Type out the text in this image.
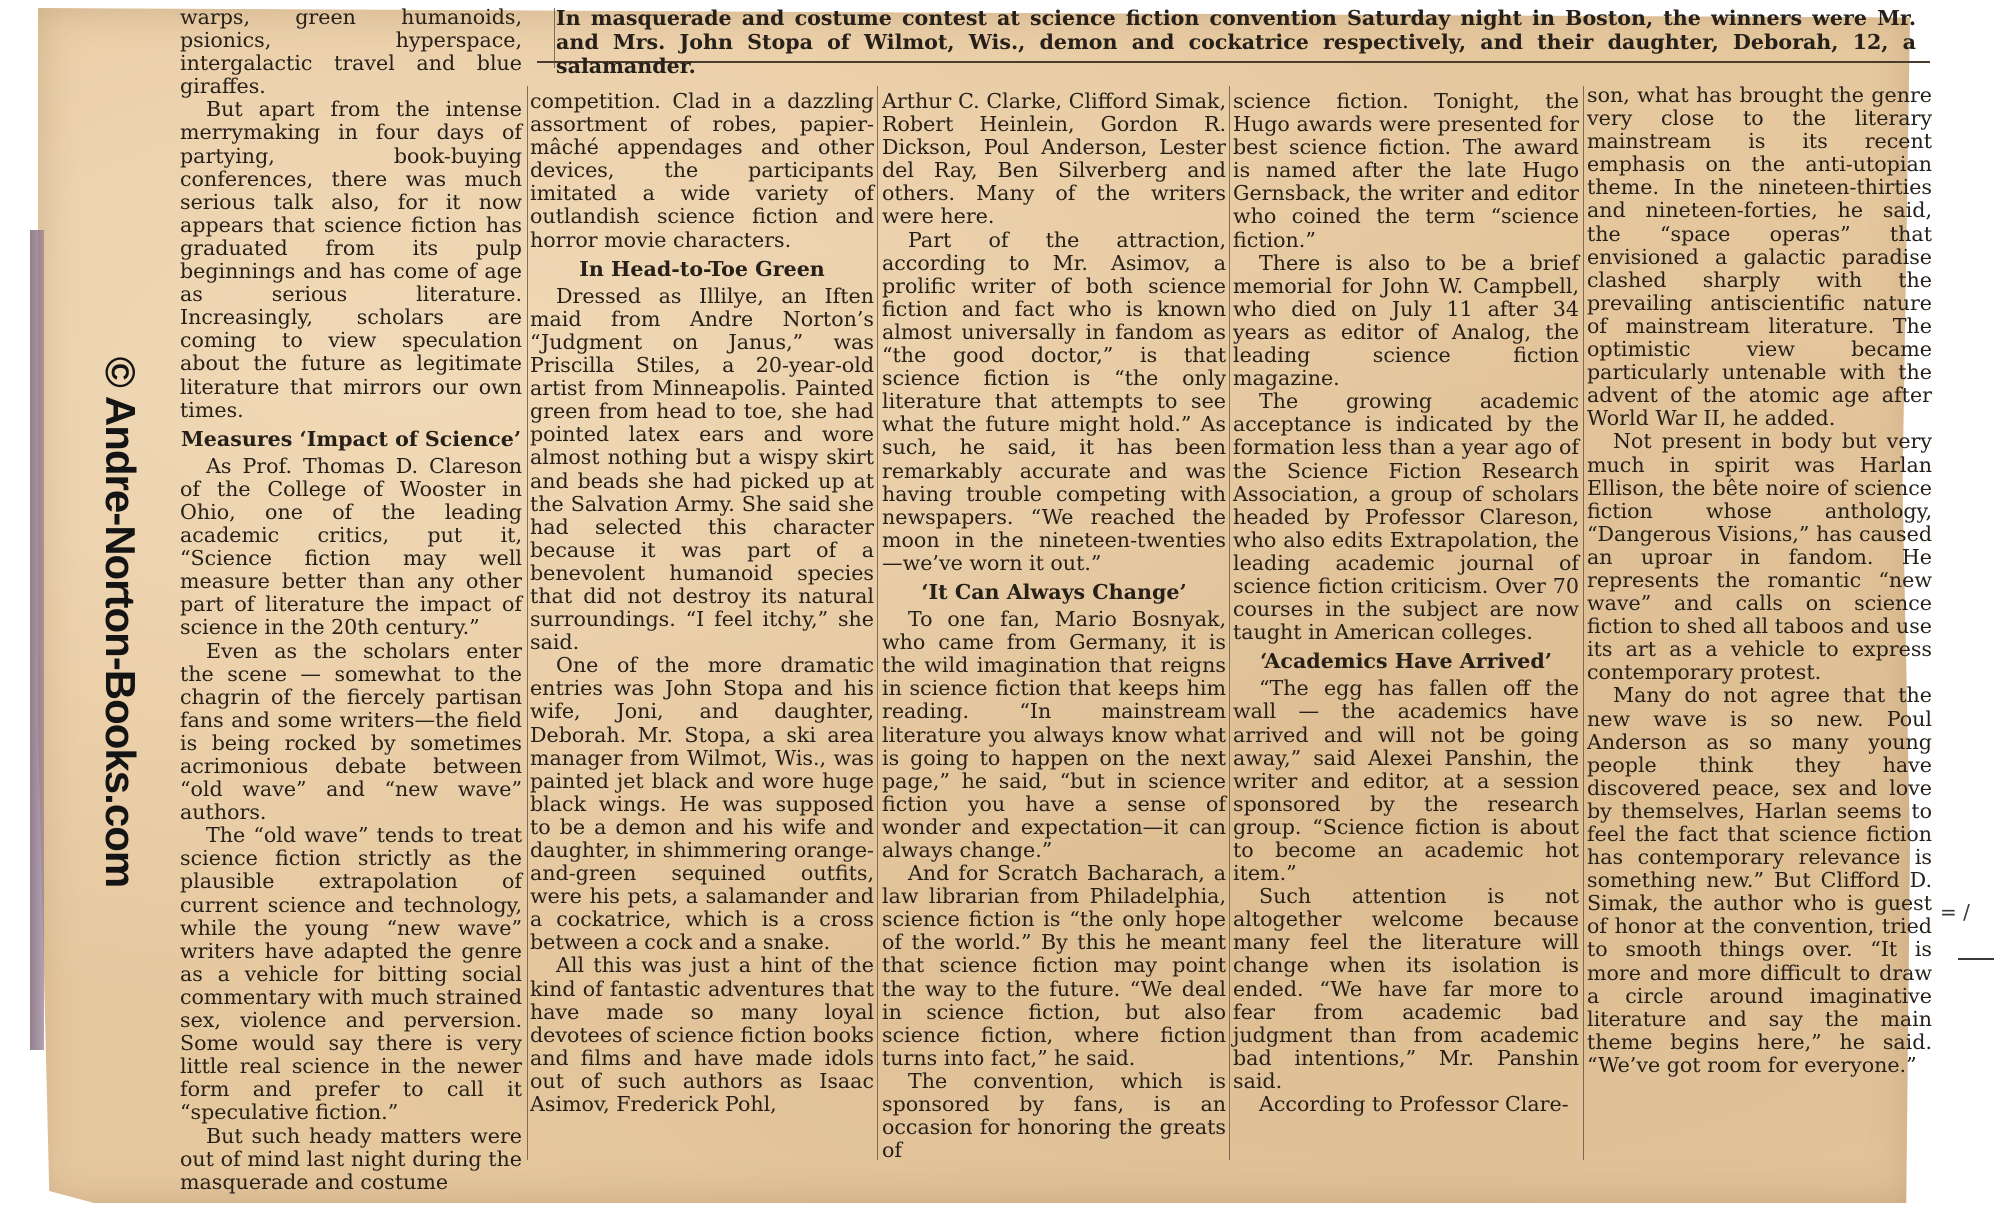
In masquerade and costume contest at science fiction convention Saturday night in Boston, the winners were Mr. and Mrs. John Stopa of Wilmot, Wis., demon and cockatrice respectively, and their daughter, Deborah, 12, a salamander.
© Andre-Norton-Books.com

warps, green humanoids, psionics, hyperspace, intergalactic travel and blue giraffes.

But apart from the intense merrymaking in four days of partying, book-buying conferences, there was much serious talk also, for it now appears that science fiction has graduated from its pulp beginnings and has come of age as serious literature. Increasingly, scholars are coming to view speculation about the future as legitimate literature that mirrors our own times.

Measures ‘Impact of Science’

As Prof. Thomas D. Clareson of the College of Wooster in Ohio, one of the leading academic critics, put it, “Science fiction may well measure better than any other part of literature the impact of science in the 20th century.”

Even as the scholars enter the scene — somewhat to the chagrin of the fiercely partisan fans and some writers—the field is being rocked by sometimes acrimonious debate between “old wave” and “new wave” authors.

The “old wave” tends to treat science fiction strictly as the plausible extrapolation of current science and technology, while the young “new wave” writers have adapted the genre as a vehicle for bitting social commentary with much strained sex, violence and perversion. Some would say there is very little real science in the newer form and prefer to call it “speculative fiction.”

But such heady matters were out of mind last night during the masquerade and costume

competition. Clad in a dazzling assortment of robes, papier-mâché appendages and other devices, the participants imitated a wide variety of outlandish science fiction and horror movie characters.

In Head-to-Toe Green

Dressed as Illilye, an Iften maid from Andre Norton’s “Judgment on Janus,” was Priscilla Stiles, a 20-year-old artist from Minneapolis. Painted green from head to toe, she had pointed latex ears and wore almost nothing but a wispy skirt and beads she had picked up at the Salvation Army. She said she had selected this character because it was part of a benevolent humanoid species that did not destroy its natural surroundings. “I feel itchy,” she said.

One of the more dramatic entries was John Stopa and his wife, Joni, and daughter, Deborah. Mr. Stopa, a ski area manager from Wilmot, Wis., was painted jet black and wore huge black wings. He was supposed to be a demon and his wife and daughter, in shimmering orange-and-green sequined outfits, were his pets, a salamander and a cockatrice, which is a cross between a cock and a snake.

All this was just a hint of the kind of fantastic adventures that have made so many loyal devotees of science fiction books and films and have made idols out of such authors as Isaac Asimov, Frederick Pohl,

Arthur C. Clarke, Clifford Simak, Robert Heinlein, Gordon R. Dickson, Poul Anderson, Lester del Ray, Ben Silverberg and others. Many of the writers were here.

Part of the attraction, according to Mr. Asimov, a prolific writer of both science fiction and fact who is known almost universally in fandom as “the good doctor,” is that science fiction is “the only literature that attempts to see what the future might hold.” As such, he said, it has been remarkably accurate and was having trouble competing with newspapers. “We reached the moon in the nineteen-twenties —we’ve worn it out.”

‘It Can Always Change’

To one fan, Mario Bosnyak, who came from Germany, it is the wild imagination that reigns in science fiction that keeps him reading. “In mainstream literature you always know what is going to happen on the next page,” he said, “but in science fiction you have a sense of wonder and expectation—it can always change.”

And for Scratch Bacharach, a law librarian from Philadelphia, science fiction is “the only hope of the world.” By this he meant that science fiction may point the way to the future. “We deal in science fiction, but also science fiction, where fiction turns into fact,” he said.

The convention, which is sponsored by fans, is an occasion for honoring the greats of

science fiction. Tonight, the Hugo awards were presented for best science fiction. The award is named after the late Hugo Gernsback, the writer and editor who coined the term “science fiction.”

There is also to be a brief memorial for John W. Campbell, who died on July 11 after 34 years as editor of Analog, the leading science fiction magazine.

The growing academic acceptance is indicated by the formation less than a year ago of the Science Fiction Research Association, a group of scholars headed by Professor Clareson, who also edits Extrapolation, the leading academic journal of science fiction criticism. Over 70 courses in the subject are now taught in American colleges.

‘Academics Have Arrived’

“The egg has fallen off the wall — the academics have arrived and will not be going away,” said Alexei Panshin, the writer and editor, at a session sponsored by the research group. “Science fiction is about to become an academic hot item.”

Such attention is not altogether welcome because many feel the literature will change when its isolation is ended. “We have far more to fear from academic bad judgment than from academic bad intentions,” Mr. Panshin said.

According to Professor Clare-

son, what has brought the genre very close to the literary mainstream is its recent emphasis on the anti-utopian theme. In the nineteen-thirties and nineteen-forties, he said, the “space operas” that envisioned a galactic paradise clashed sharply with the prevailing antiscientific nature of mainstream literature. The optimistic view became particularly untenable with the advent of the atomic age after World War II, he added.

Not present in body but very much in spirit was Harlan Ellison, the bête noire of science fiction whose anthology, “Dangerous Visions,” has caused an uproar in fandom. He represents the romantic “new wave” and calls on science fiction to shed all taboos and use its art as a vehicle to express contemporary protest.

Many do not agree that the new wave is so new. Poul Anderson as so many young people think they have discovered peace, sex and love by themselves, Harlan seems to feel the fact that science fiction has contemporary relevance is something new.” But Clifford D. Simak, the author who is guest of honor at the convention, tried to smooth things over. “It is more and more difficult to draw a circle around imaginative literature and say the main theme begins here,” he said. “We’ve got room for everyone.”

= /
